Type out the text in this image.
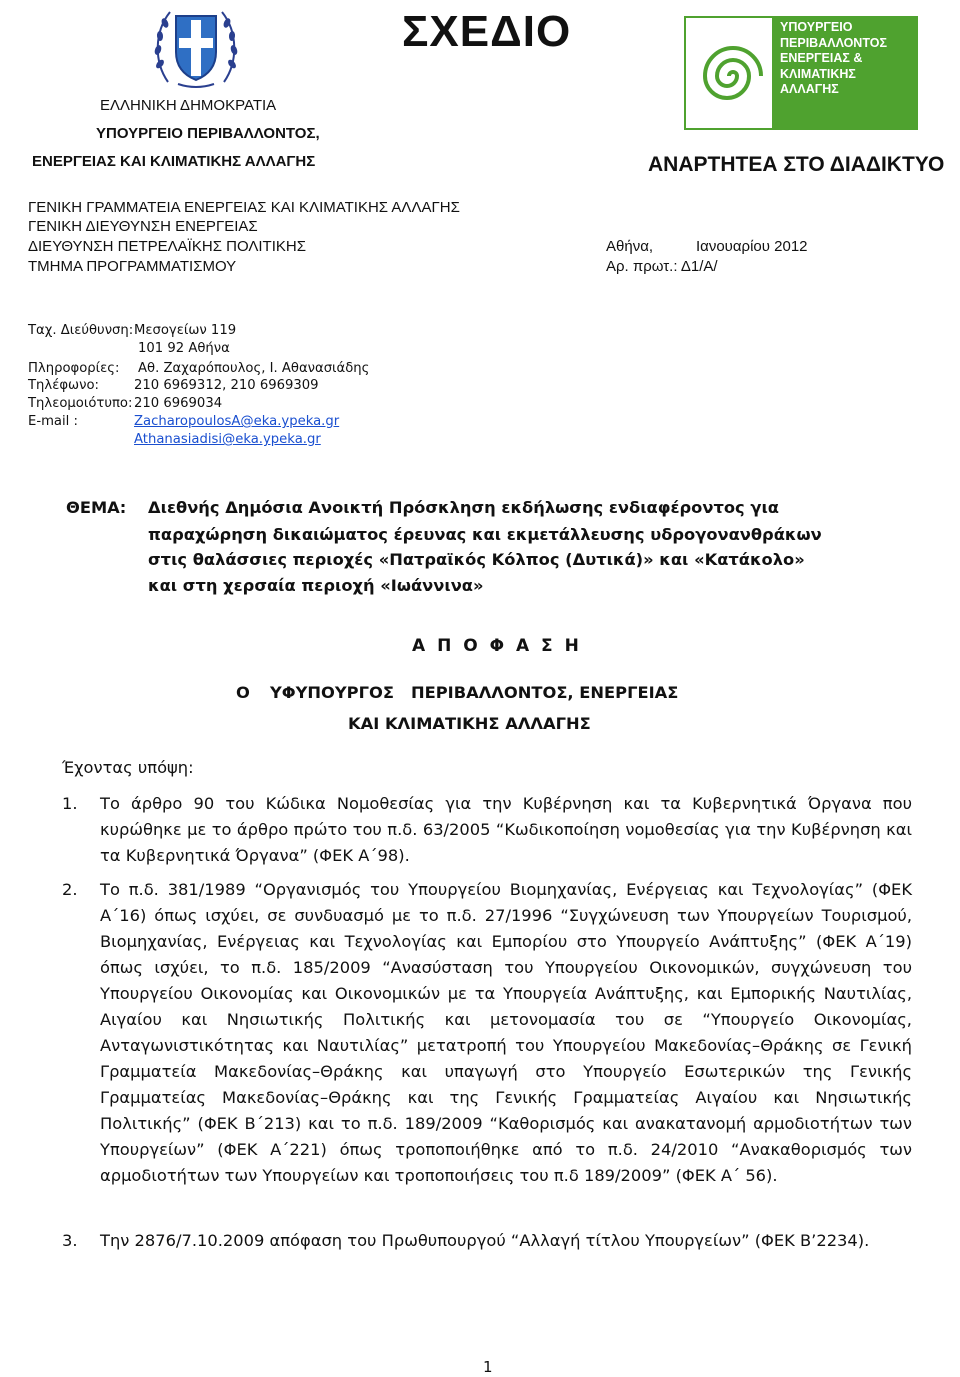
ΕΛΛΗΝΙΚΗ ΔΗΜΟΚΡΑΤΙΑ
ΥΠΟΥΡΓΕΙΟ ΠΕΡΙΒΑΛΛΟΝΤΟΣ,
ΕΝΕΡΓΕΙΑΣ ΚΑΙ ΚΛΙΜΑΤΙΚΗΣ ΑΛΛΑΓΗΣ
ΣΧΕΔΙΟ	ΥΠΟΥΡΓΕΙΟ
ΠΕΡΙΒΑΛΛΟΝΤΟΣ
ΕΝΕΡΓΕΙΑΣ &
ΚΛΙΜΑΤΙΚΗΣ
ΑΛΛΑΓΗΣ
ΑΝΑΡΤΗΤΕΑ ΣΤΟ ΔΙΑΔΙΚΤΥΟ
ΓΕΝΙΚΗ ΓΡΑΜΜΑΤΕΙΑ ΕΝΕΡΓΕΙΑΣ ΚΑΙ ΚΛΙΜΑΤΙΚΗΣ ΑΛΛΑΓΗΣ
ΓΕΝΙΚΗ ΔΙΕΥΘΥΝΣΗ ΕΝΕΡΓΕΙΑΣ
ΔΙΕΥΘΥΝΣΗ ΠΕΤΡΕΛΑΪΚΗΣ ΠΟΛΙΤΙΚΗΣ
ΤΜΗΜΑ ΠΡΟΓΡΑΜΜΑΤΙΣΜΟΥ
Αθήνα,	Ιανουαρίου 2012
Αρ. πρωτ.: Δ1/Α/
Ταχ. Διεύθυνση: Μεσογείων 119
101 92 Αθήνα
Πληροφορίες: Αθ. Ζαχαρόπουλος, Ι. Αθανασιάδης
Τηλέφωνο:	210 6969312, 210 6969309
Τηλεομοιότυπο: 210 6969034
E-mail :	ZacharopoulosA@eka.ypeka.gr
Athanasiadisi@eka.ypeka.gr
ΘΕΜΑ: Διεθνής Δημόσια Ανοικτή Πρόσκληση εκδήλωσης ενδιαφέροντος για
παραχώρηση δικαιώματος έρευνας και εκμετάλλευσης υδρογονανθράκων
στις θαλάσσιες περιοχές «Πατραϊκός Κόλπος (Δυτικά)» και «Κατάκολο»
και στη χερσαία περιοχή «Ιωάννινα»
Α Π Ο Φ Α Σ Η
Ο ΥΦΥΠΟΥΡΓΟΣ   ΠΕΡΙΒΑΛΛΟΝΤΟΣ, ΕΝΕΡΓΕΙΑΣ
ΚΑΙ ΚΛΙΜΑΤΙΚΗΣ ΑΛΛΑΓΗΣ
Έχοντας υπόψη:
1. Το άρθρο 90 του Κώδικα Νομοθεσίας για την Κυβέρνηση και τα Κυβερνητικά Όργανα που κυρώθηκε με το άρθρο πρώτο του π.δ. 63/2005 “Κωδικοποίηση νομοθεσίας για την Κυβέρνηση και τα Κυβερνητικά Όργανα” (ΦΕΚ Α΄98).
2. Το π.δ. 381/1989 “Οργανισμός του Υπουργείου Βιομηχανίας, Ενέργειας και Τεχνολογίας” (ΦΕΚ Α΄16) όπως ισχύει, σε συνδυασμό με το π.δ. 27/1996 “Συγχώνευση των Υπουργείων Τουρισμού, Βιομηχανίας, Ενέργειας και Τεχνολογίας και Εμπορίου στο Υπουργείο Ανάπτυξης” (ΦΕΚ Α΄19) όπως ισχύει, το π.δ. 185/2009 “Ανασύσταση του Υπουργείου Οικονομικών, συγχώνευση του Υπουργείου Οικονομίας και Οικονομικών με τα Υπουργεία Ανάπτυξης, και Εμπορικής Ναυτιλίας, Αιγαίου και Νησιωτικής Πολιτικής και μετονομασία του σε “Υπουργείο Οικονομίας, Ανταγωνιστικότητας και Ναυτιλίας” μετατροπή του Υπουργείου Μακεδονίας–Θράκης σε Γενική Γραμματεία Μακεδονίας–Θράκης και υπαγωγή στο Υπουργείο Εσωτερικών της Γενικής Γραμματείας Μακεδονίας–Θράκης και της Γενικής Γραμματείας Αιγαίου και Νησιωτικής Πολιτικής” (ΦΕΚ Β΄213) και το π.δ. 189/2009 “Καθορισμός και ανακατανομή αρμοδιοτήτων των Υπουργείων” (ΦΕΚ Α΄221) όπως τροποποιήθηκε από το π.δ. 24/2010 “Ανακαθορισμός των αρμοδιοτήτων των Υπουργείων και τροποποιήσεις του π.δ 189/2009” (ΦΕΚ Α΄ 56).
3. Την 2876/7.10.2009 απόφαση του Πρωθυπουργού “Αλλαγή τίτλου Υπουργείων” (ΦΕΚ Β’2234).
1
